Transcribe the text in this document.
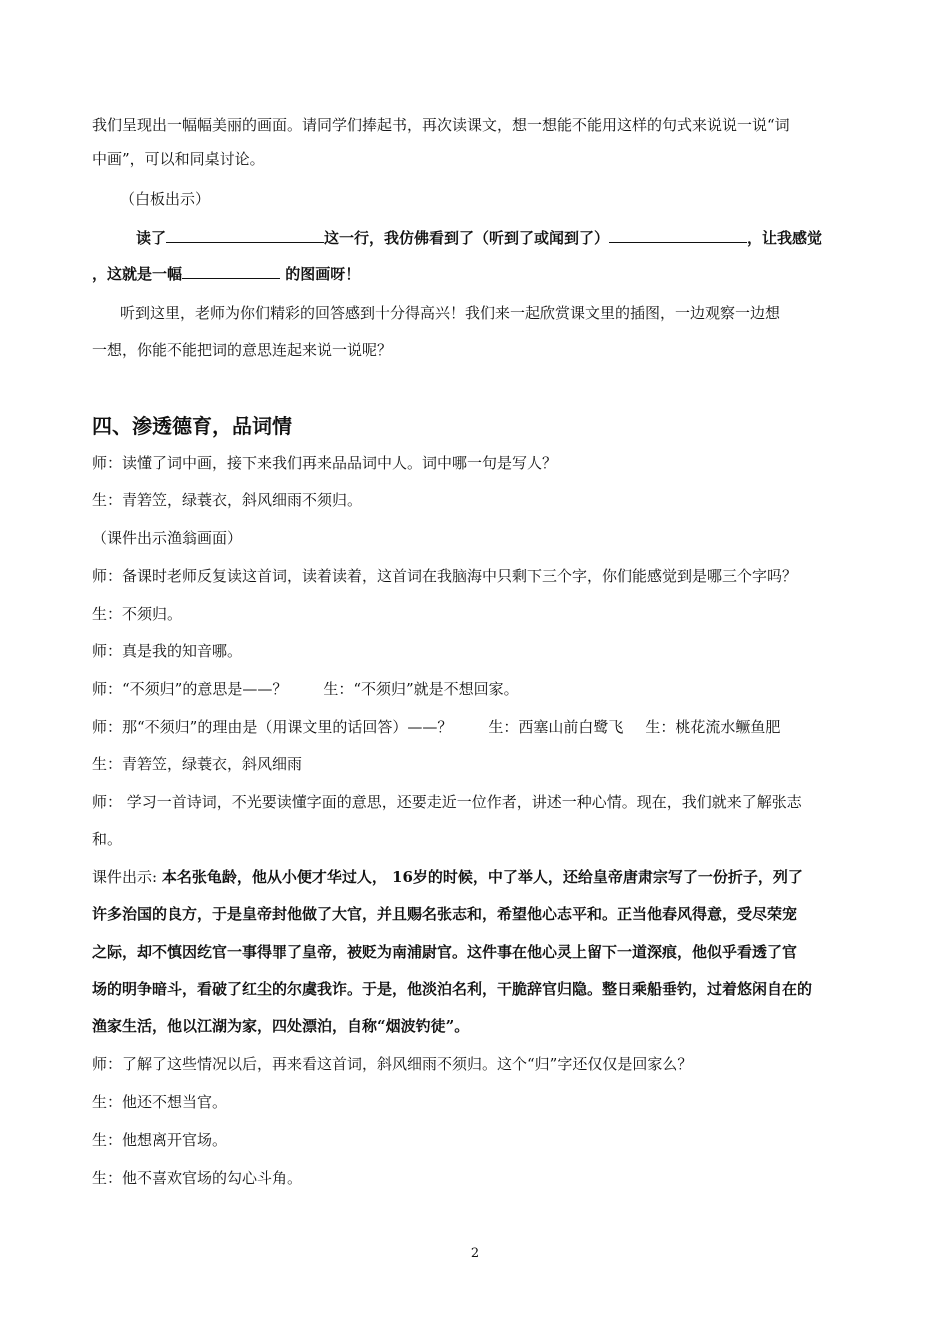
我们呈现出一幅幅美丽的画面。请同学们捧起书，再次读课文，想一想能不能用这样的句式来说说一说“词
中画”，可以和同桌讨论。
（白板出示）
读了	这一行，我仿佛看到了（听到了或闻到了）	，让我感觉
，这就是一幅	的图画呀！
听到这里，老师为你们精彩的回答感到十分得高兴！我们来一起欣赏课文里的插图，一边观察一边想
一想，你能不能把词的意思连起来说一说呢？
四、渗透德育，品词情
师：读懂了词中画，接下来我们再来品品词中人。词中哪一句是写人？
生：青箬笠，绿蓑衣，斜风细雨不须归。
（课件出示渔翁画面）
师：备课时老师反复读这首词，读着读着，这首词在我脑海中只剩下三个字，你们能感觉到是哪三个字吗？
生：不须归。
师：真是我的知音哪。
师：“不须归”的意思是——？ 生：“不须归”就是不想回家。
师：那“不须归”的理由是（用课文里的话回答）——？ 生：西塞山前白鹭飞 生：桃花流水鳜鱼肥
生：青箬笠，绿蓑衣，斜风细雨
师： 学习一首诗词，不光要读懂字面的意思，还要走近一位作者，讲述一种心情。现在，我们就来了解张志
和。
课件出示: 本名张龟龄，他从小便才华过人， 16岁的时候，中了举人，还给皇帝唐肃宗写了一份折子，列了
许多治国的良方，于是皇帝封他做了大官，并且赐名张志和，希望他心志平和。正当他春风得意，受尽荣宠
之际，却不慎因纥官一事得罪了皇帝，被贬为南浦尉官。这件事在他心灵上留下一道深痕，他似乎看透了官
场的明争暗斗，看破了红尘的尔虞我诈。于是，他淡泊名利，干脆辞官归隐。整日乘船垂钓，过着悠闲自在的
渔家生活，他以江湖为家，四处漂泊，自称“烟波钓徒”。
师：了解了这些情况以后，再来看这首词，斜风细雨不须归。这个“归”字还仅仅是回家么？
生：他还不想当官。
生：他想离开官场。
生：他不喜欢官场的勾心斗角。
2
